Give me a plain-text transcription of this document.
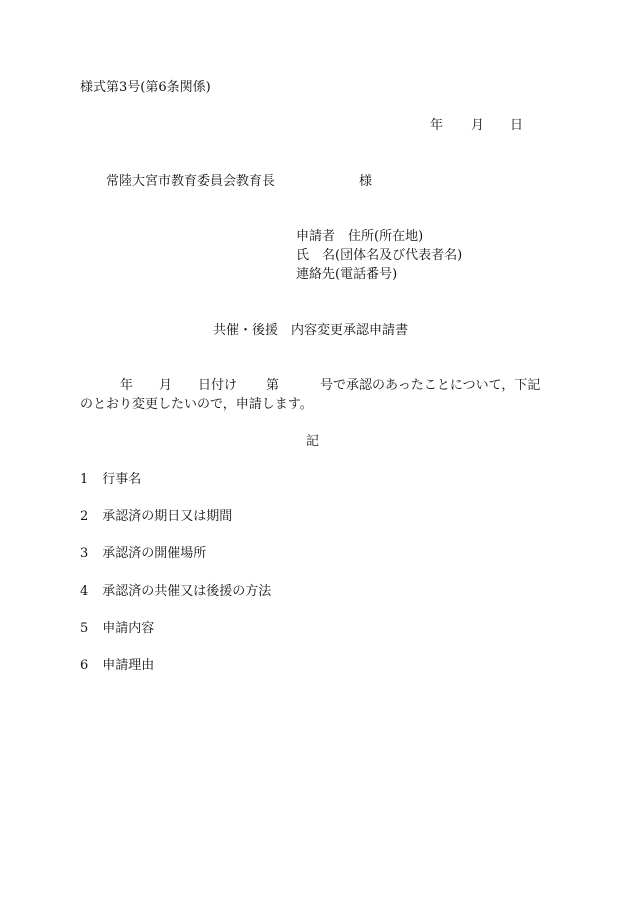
様式第3号(第6条関係)
年 月 日
常陸大宮市教育委員会教育長	様
申請者 住所(所在地)
氏　名(団体名及び代表者名)
連絡先(電話番号)
共催・後援　内容変更承認申請書
年 月 日付け 第	号で承認のあったことについて，下記
のとおり変更したいので，申請します。
記
1 行事名
2 承認済の期日又は期間
3 承認済の開催場所
4 承認済の共催又は後援の方法
5 申請内容
6 申請理由
